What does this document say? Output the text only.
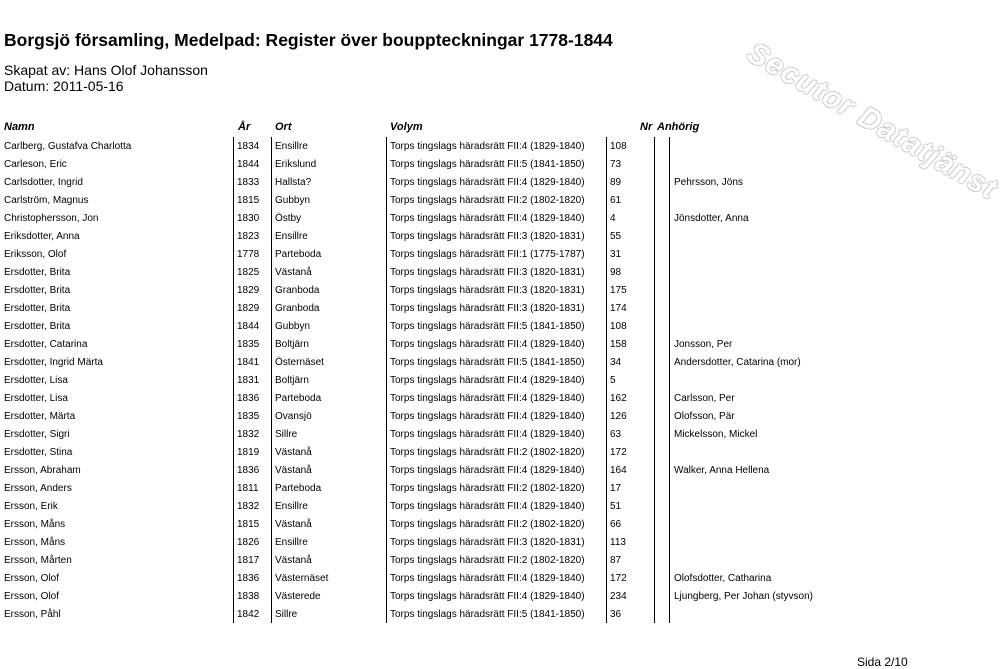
Borgsjö församling, Medelpad: Register över bouppteckningar 1778-1844
Skapat av: Hans Olof Johansson
Datum: 2011-05-16	Secutor Datatjänst
Namn	År Ort	Volym	Nr Anhörig
Carlberg, Gustafva Charlotta	1834 Ensillre	Torps tingslags häradsrätt FII:4 (1829-1840)	108
Carleson, Eric	1844 Erikslund	Torps tingslags häradsrätt FII:5 (1841-1850)	73
Carlsdotter, Ingrid	1833 Hallsta?	Torps tingslags häradsrätt FII:4 (1829-1840)	89	Pehrsson, Jöns
Carlström, Magnus	1815 Gubbyn	Torps tingslags häradsrätt FII:2 (1802-1820)	61
Christophersson, Jon	1830 Östby	Torps tingslags häradsrätt FII:4 (1829-1840)	4	Jönsdotter, Anna
Eriksdotter, Anna	1823 Ensillre	Torps tingslags häradsrätt FII:3 (1820-1831)	55
Eriksson, Olof	1778 Parteboda	Torps tingslags häradsrätt FII:1 (1775-1787)	31
Ersdotter, Brita	1825 Västanå	Torps tingslags häradsrätt FII:3 (1820-1831)	98
Ersdotter, Brita	1829 Granboda	Torps tingslags häradsrätt FII:3 (1820-1831)	175
Ersdotter, Brita	1829 Granboda	Torps tingslags häradsrätt FII:3 (1820-1831)	174
Ersdotter, Brita	1844 Gubbyn	Torps tingslags häradsrätt FII:5 (1841-1850)	108
Ersdotter, Catarina	1835 Boltjärn	Torps tingslags häradsrätt FII:4 (1829-1840)	158	Jonsson, Per
Ersdotter, Ingrid Märta	1841 Östernäset	Torps tingslags häradsrätt FII:5 (1841-1850)	34	Andersdotter, Catarina (mor)
Ersdotter, Lisa	1831 Boltjärn	Torps tingslags häradsrätt FII:4 (1829-1840)	5
Ersdotter, Lisa	1836 Parteboda	Torps tingslags häradsrätt FII:4 (1829-1840)	162	Carlsson, Per
Ersdotter, Märta	1835 Ovansjö	Torps tingslags häradsrätt FII:4 (1829-1840)	126	Olofsson, Pär
Ersdotter, Sigri	1832 Sillre	Torps tingslags häradsrätt FII:4 (1829-1840)	63	Mickelsson, Mickel
Ersdotter, Stina	1819 Västanå	Torps tingslags häradsrätt FII:2 (1802-1820)	172
Ersson, Abraham	1836 Västanå	Torps tingslags häradsrätt FII:4 (1829-1840)	164	Walker, Anna Hellena
Ersson, Anders	1811 Parteboda	Torps tingslags häradsrätt FII:2 (1802-1820)	17
Ersson, Erik	1832 Ensillre	Torps tingslags häradsrätt FII:4 (1829-1840)	51
Ersson, Måns	1815 Västanå	Torps tingslags häradsrätt FII:2 (1802-1820)	66
Ersson, Måns	1826 Ensillre	Torps tingslags häradsrätt FII:3 (1820-1831)	113
Ersson, Mårten	1817 Västanå	Torps tingslags häradsrätt FII:2 (1802-1820)	87
Ersson, Olof	1836 Västernäset	Torps tingslags häradsrätt FII:4 (1829-1840)	172	Olofsdotter, Catharina
Ersson, Olof	1838 Västerede	Torps tingslags häradsrätt FII:4 (1829-1840)	234	Ljungberg, Per Johan (styvson)
Ersson, Påhl	1842 Sillre	Torps tingslags häradsrätt FII:5 (1841-1850)	36
Sida 2/10
